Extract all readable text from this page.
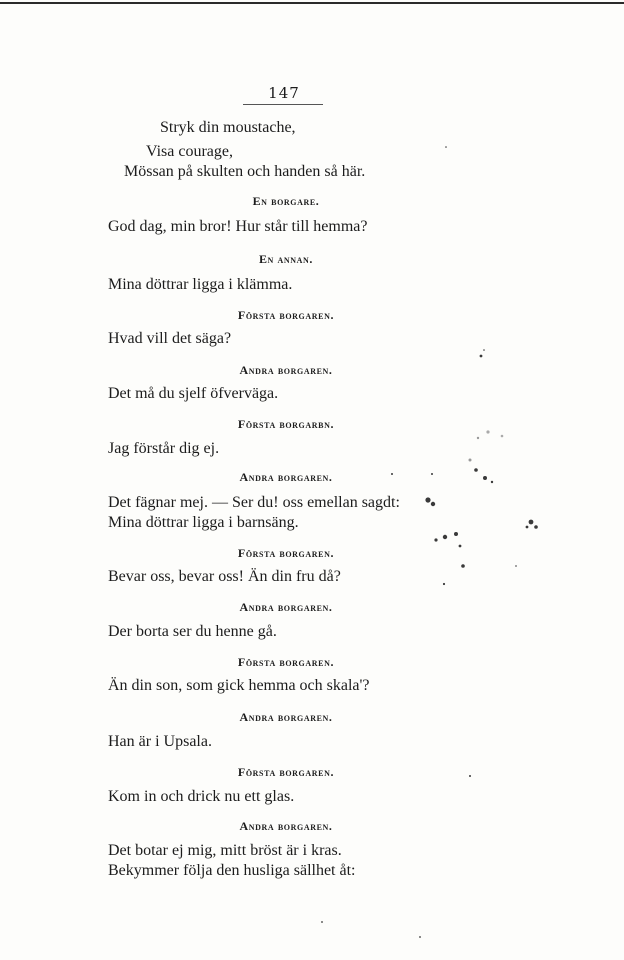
147
Stryk din moustache,
Visa courage,
Mössan på skulten och handen så här.
En borgare.
God dag, min bror! Hur står till hemma?
En annan.
Mina döttrar ligga i klämma.
Första borgaren.
Hvad vill det säga?
Andra borgaren.
Det må du sjelf öfverväga.
Första borgarbn.
Jag förstår dig ej.
Andra borgaren.
Det fägnar mej. — Ser du! oss emellan sagdt:
Mina döttrar ligga i barnsäng.
Första borgaren.
Bevar oss, bevar oss! Än din fru då?
Andra borgaren.
Der borta ser du henne gå.
Första borgaren.
Än din son, som gick hemma och skala'?
Andra borgaren.
Han är i Upsala.
Första borgaren.
Kom in och drick nu ett glas.
Andra borgaren.
Det botar ej mig, mitt bröst är i kras.
Bekymmer följa den husliga sällhet åt:
